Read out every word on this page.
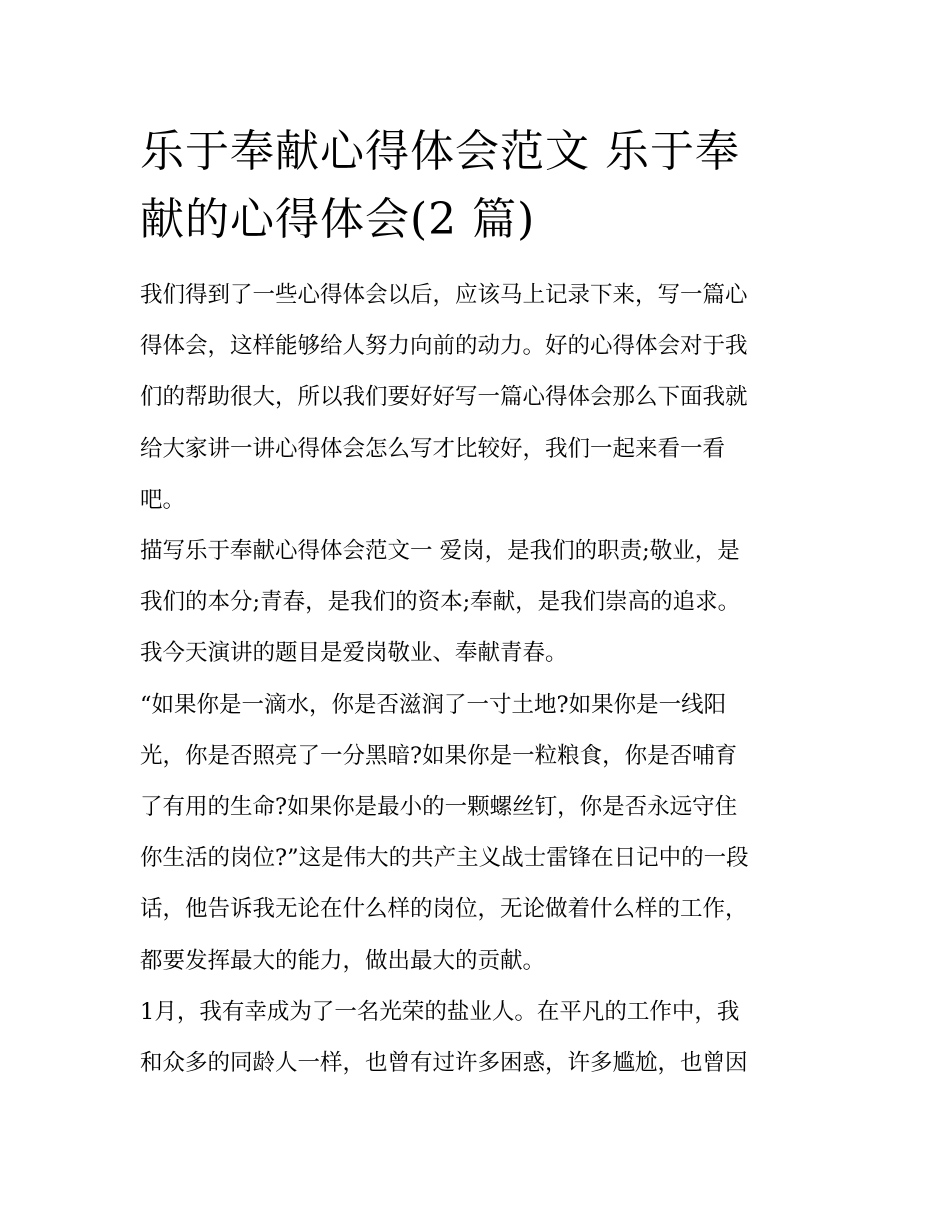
乐于奉献心得体会范文 乐于奉
献的心得体会(2 篇)

我们得到了一些心得体会以后，应该马上记录下来，写一篇心
得体会，这样能够给人努力向前的动力。好的心得体会对于我
们的帮助很大，所以我们要好好写一篇心得体会那么下面我就
给大家讲一讲心得体会怎么写才比较好，我们一起来看一看
吧。

描写乐于奉献心得体会范文一 爱岗，是我们的职责;敬业，是
我们的本分;青春，是我们的资本;奉献，是我们崇高的追求。
我今天演讲的题目是爱岗敬业、奉献青春。

“如果你是一滴水，你是否滋润了一寸土地?如果你是一线阳
光，你是否照亮了一分黑暗?如果你是一粒粮食，你是否哺育
了有用的生命?如果你是最小的一颗螺丝钉，你是否永远守住
你生活的岗位?”这是伟大的共产主义战士雷锋在日记中的一段
话，他告诉我无论在什么样的岗位，无论做着什么样的工作，
都要发挥最大的能力，做出最大的贡献。

1月，我有幸成为了一名光荣的盐业人。在平凡的工作中，我
和众多的同龄人一样，也曾有过许多困惑，许多尴尬，也曾因
